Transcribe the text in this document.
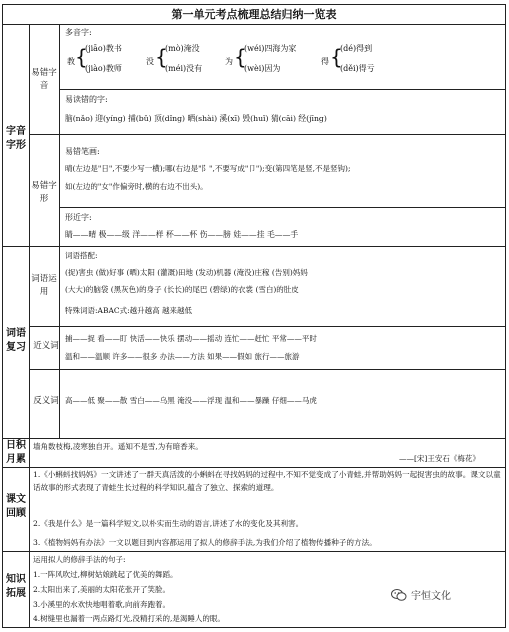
第一单元考点梳理总结归纳一览表
字音字形
易错字音
多音字:
教 {
(jiāo)教书
(jiào)教师
没 {
(mò)淹没
(méi)没有
为 {
(wéi)四海为家
(wèi)因为
得 {
(dé)得到
(děi)得亏
易读错的字:
脑(nǎo) 迎(yíng) 捕(bǔ) 顶(dǐng) 晒(shài) 溪(xī) 毁(huǐ) 猜(cāi) 经(jīng)
易错字形
易错笔画:
晴(左边是"日",不要少写一横);哪(右边是"阝",不要写成"卩");变(第四笔是竖,不是竖钩);
如(左边的"女"作偏旁时,横的右边不出头)。
形近字:
睛——晴 极——级 洋——样 杯——杯 伤——膀 娃——挂 毛——手
词语复习
词语运用
词语搭配:
(捉)害虫 (做)好事 (晒)太阳 (灌溉)田地 (发动)机器 (淹没)庄稼 (告别)妈妈
(大大)的脑袋 (黑灰色)的身子 (长长)的尾巴 (碧绿)的衣裳 (雪白)的肚皮
特殊词语:ABAC式:越升越高 越来越低
近义词
捕——捉 看——盯 快活——快乐 摆动——摇动 连忙——赶忙 平常——平时
温和——温顺 许多——很多 办法——方法 如果——假如 旅行——旅游
反义词 高——低 聚——散 雪白——乌黑 淹没——浮现 温和——暴躁 仔细——马虎
日积月累
墙角数枝梅,凌寒独自开。遥知不是雪,为有暗香来。
——[宋]王安石《梅花》
课文回顾
1.《小蝌蚪找妈妈》一文讲述了一群天真活泼的小蝌蚪在寻找妈妈的过程中,不知不觉变成了小青蛙,并帮助妈妈一起捉害虫的故事。课文以童话故事的形式表现了青蛙生长过程的科学知识,蕴含了独立、探索的道理。
2.《我是什么》是一篇科学短文,以朴实而生动的语言,讲述了水的变化及其利害。
3.《植物妈妈有办法》一文以题目到内容都运用了拟人的修辞手法,为我们介绍了植物传播种子的方法。
知识拓展
运用拟人的修辞手法的句子:
1.一阵风吹过,柳树姑娘跳起了优美的舞蹈。
2.太阳出来了,美丽的太阳花张开了笑脸。
3.小溪里的水欢快地唱着歌,向前奔跑着。
4.树缝里也漏着一两点路灯光,没精打采的,是渴睡人的眼。
宇恒文化
